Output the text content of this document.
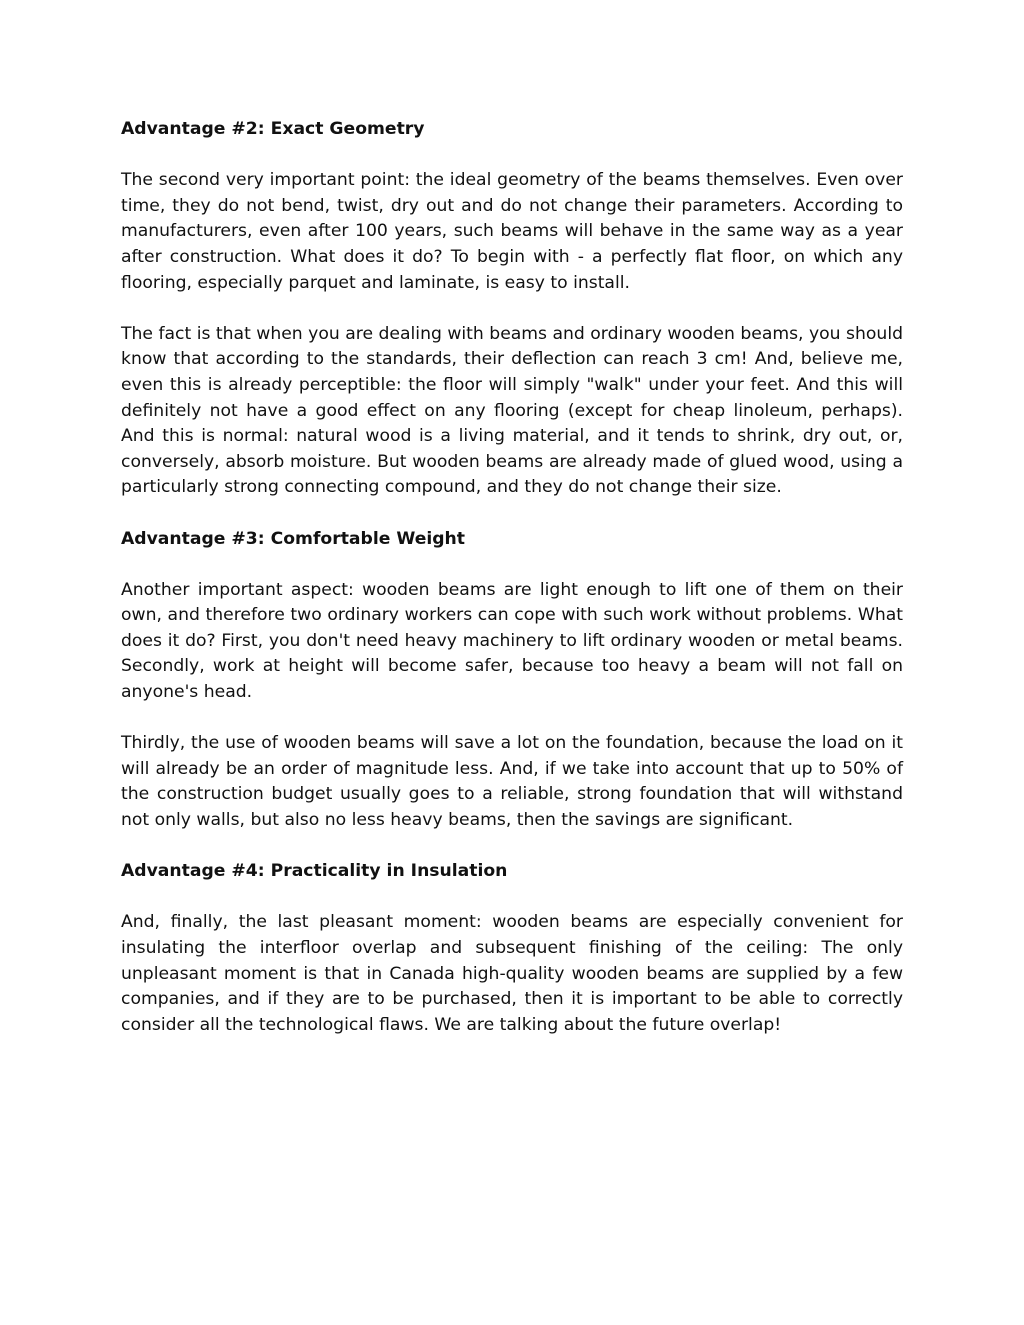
Advantage #2: Exact Geometry
The second very important point: the ideal geometry of the beams themselves. Even over time, they do not bend, twist, dry out and do not change their parameters. According to manufacturers, even after 100 years, such beams will behave in the same way as a year after construction. What does it do? To begin with - a perfectly flat floor, on which any flooring, especially parquet and laminate, is easy to install.
The fact is that when you are dealing with beams and ordinary wooden beams, you should know that according to the standards, their deflection can reach 3 cm! And, believe me, even this is already perceptible: the floor will simply "walk" under your feet. And this will definitely not have a good effect on any flooring (except for cheap linoleum, perhaps). And this is normal: natural wood is a living material, and it tends to shrink, dry out, or, conversely, absorb moisture. But wooden beams are already made of glued wood, using a particularly strong connecting compound, and they do not change their size.
Advantage #3: Comfortable Weight
Another important aspect: wooden beams are light enough to lift one of them on their own, and therefore two ordinary workers can cope with such work without problems. What does it do? First, you don't need heavy machinery to lift ordinary wooden or metal beams. Secondly, work at height will become safer, because too heavy a beam will not fall on anyone's head.
Thirdly, the use of wooden beams will save a lot on the foundation, because the load on it will already be an order of magnitude less. And, if we take into account that up to 50% of the construction budget usually goes to a reliable, strong foundation that will withstand not only walls, but also no less heavy beams, then the savings are significant.
Advantage #4: Practicality in Insulation
And, finally, the last pleasant moment: wooden beams are especially convenient for insulating the interfloor overlap and subsequent finishing of the ceiling: The only unpleasant moment is that in Canada high-quality wooden beams are supplied by a few companies, and if they are to be purchased, then it is important to be able to correctly consider all the technological flaws. We are talking about the future overlap!
